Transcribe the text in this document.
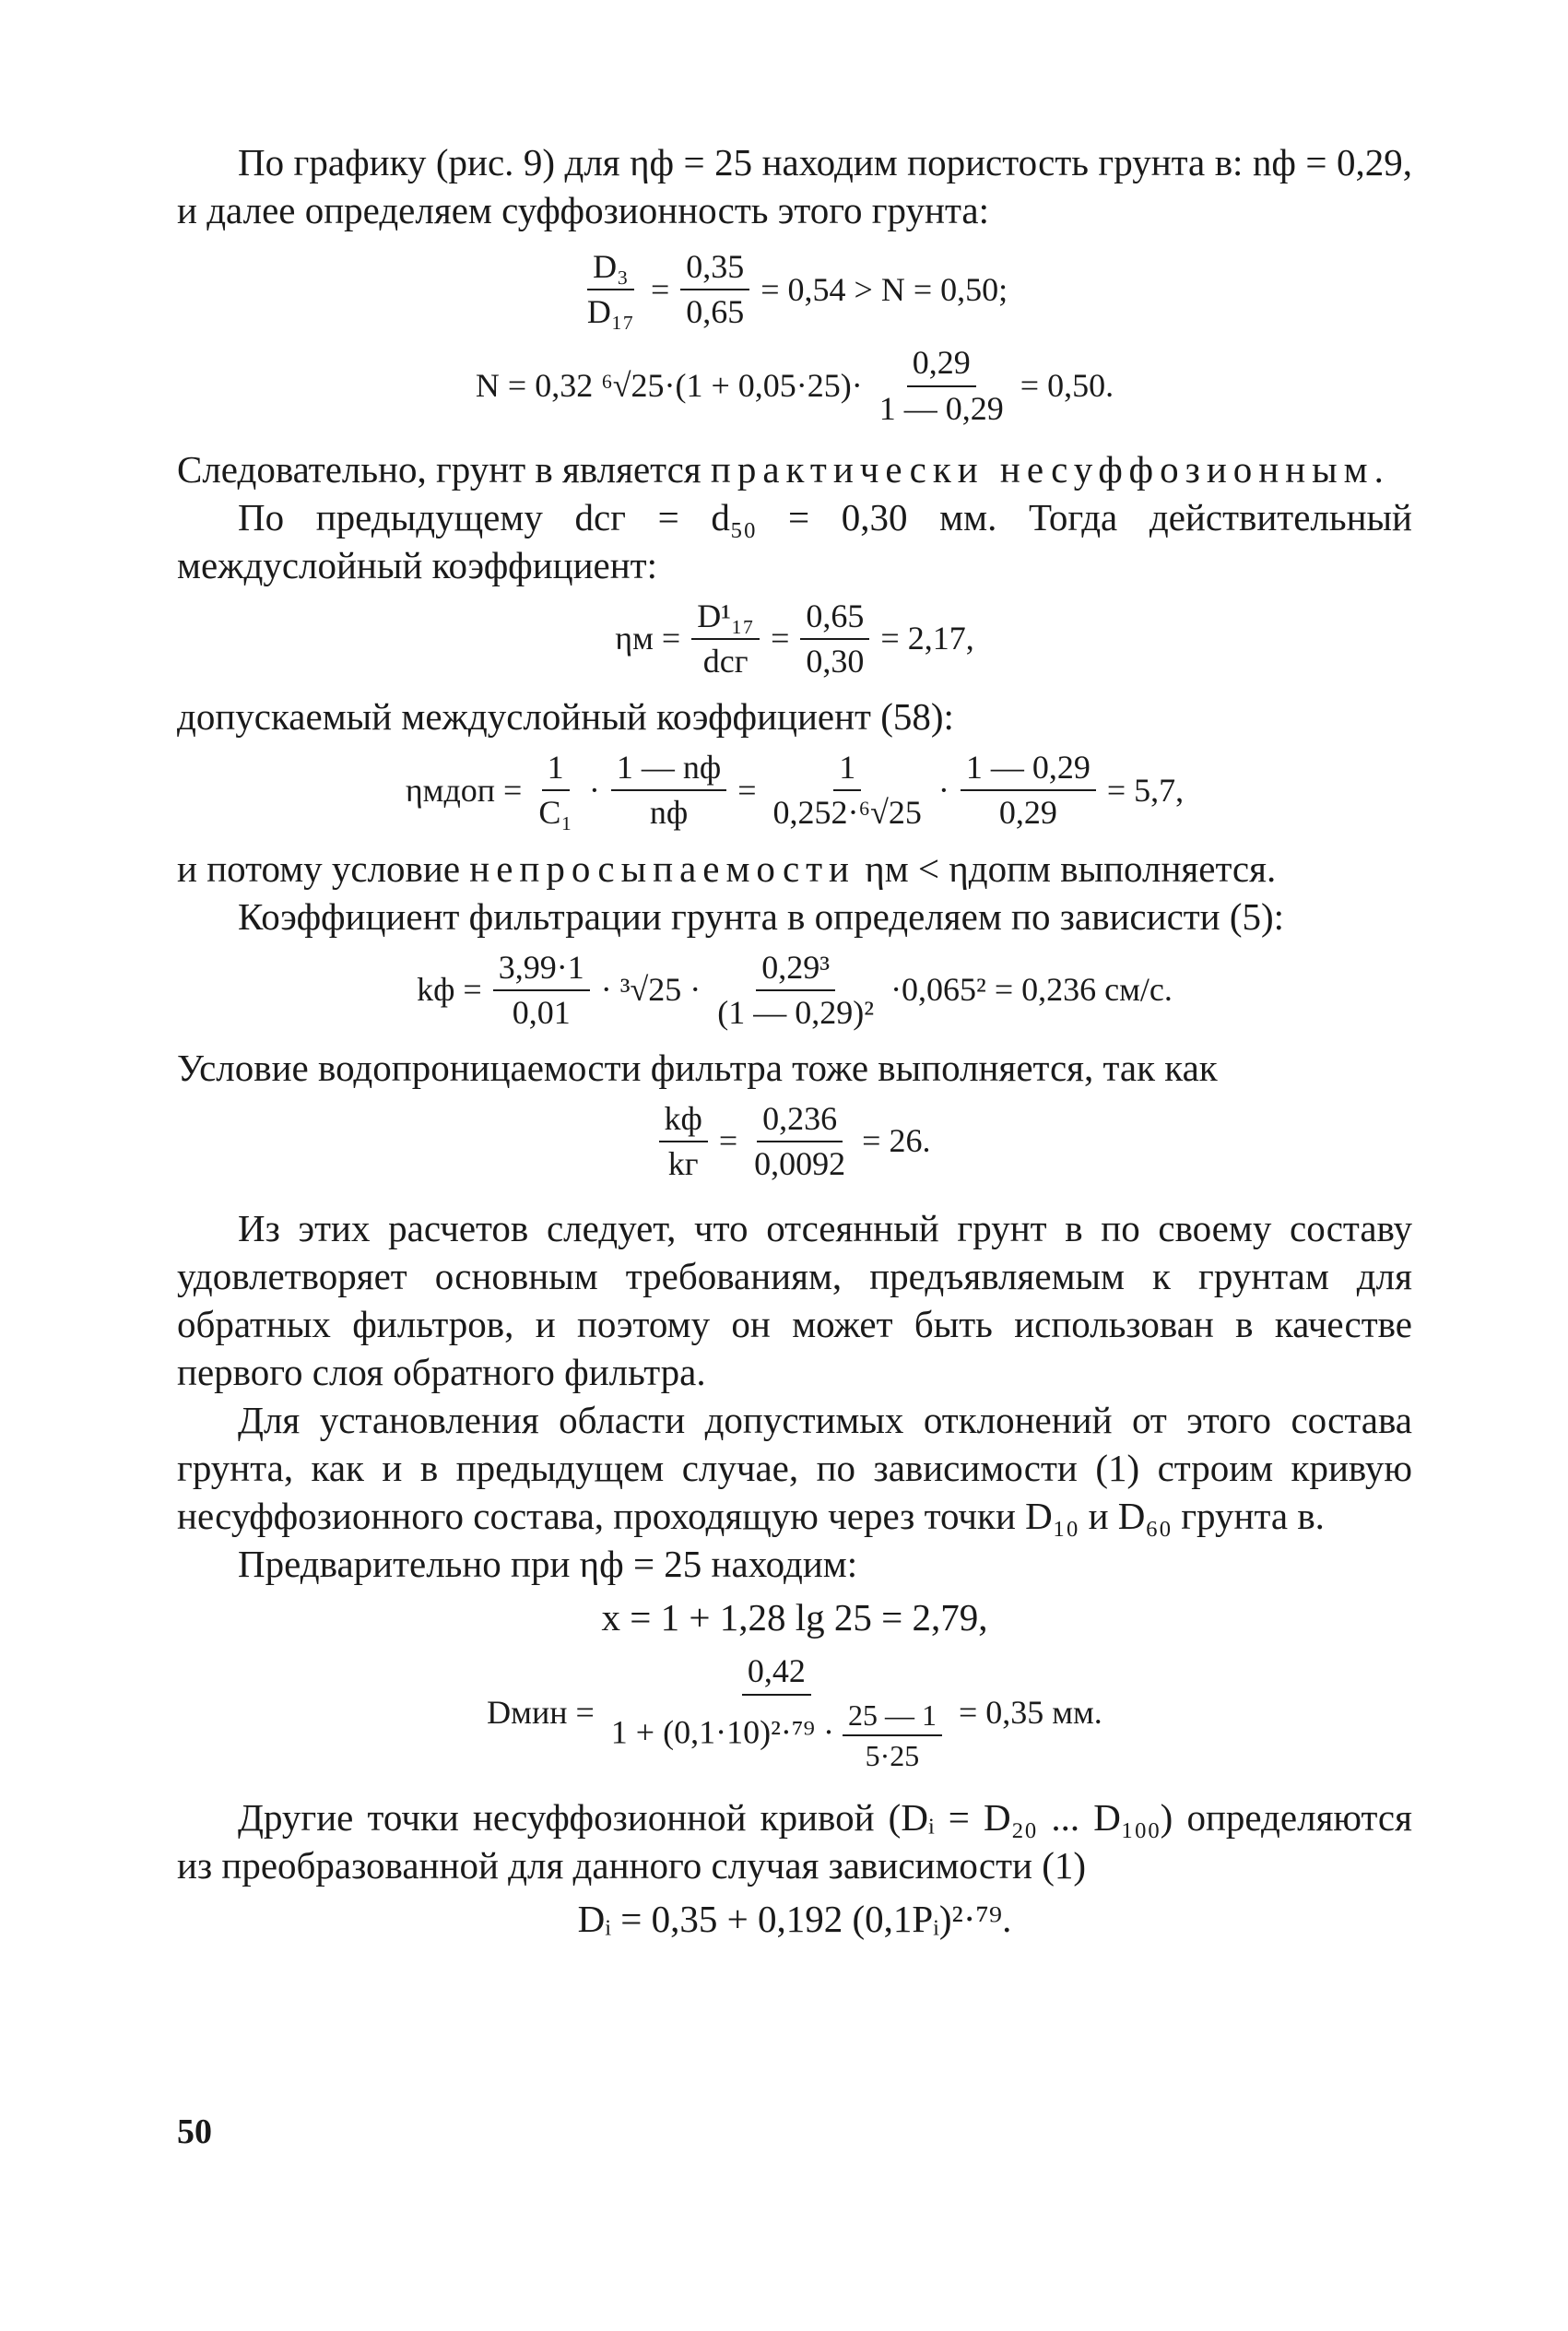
По графику (рис. 9) для ηф = 25 находим пористость грунта в: nф = 0,29, и далее определяем суффозионность этого грунта:

$\frac{\text{D₃}}{\text{D₁₇}} = \frac{0,35}{0,65} = 0,54 > N = 0,50$;
N = 0,32 $^6√25\cdot(1 + 0,05\cdot 25)\cdot \frac{0,29}{1 — 0,29} = 0,50$.

Следовательно, грунт в является практически несуффозионным.

По предыдущему dсг = d₅₀ = 0,30 мм. Тогда действительный междуслойный коэффициент:

$\eta м = \frac{\text{D¹₁₇}}{\text{dсг}} = \frac{0,65}{0,30} = 2,17$,

допускаемый междуслойный коэффициент (58):

ηмдоп = $\frac{1}{\text{C₁}} \cdot \frac{1 — nф}{nф} = \frac{1}{\text{0,252·⁶√25}} \cdot \frac{1 — 0,29}{0,29} = 5,7$,

и потому условие непросыпаемости ηм < ηдопм выполняется.

Коэффициент фильтрации грунта в определяем по зависисти (5):

kф = $\frac{3,99\cdot 1}{0,01} \cdot ^3√25 \cdot \frac{\text{0,29³}}{\text{(1 — 0,29)²}} \cdot 0,065^2 = 0,236$ см/с.

Условие водопроницаемости фильтра тоже выполняется, так как

$\frac{kф}{kг} = \frac{0,236}{0,0092} = 26$.

Из этих расчетов следует, что отсеянный грунт в по своему составу удовлетворяет основным требованиям, предъявляемым к грунтам для обратных фильтров, и поэтому он может быть использован в качестве первого слоя обратного фильтра.

Для установления области допустимых отклонений от этого состава грунта, как и в предыдущем случае, по зависимости (1) строим кривую несуффозионного состава, проходящую через точки D₁₀ и D₆₀ грунта в.

Предварительно при ηф = 25 находим:

x = 1 + 1,28 lg 25 = 2,79,
Dмин = $\frac{0,42}{1 + (0,1\cdot 10)^2\cdot^{79} \cdot \frac{25 — 1}{5\cdot 25}} = 0,35$ мм.

Другие точки несуффозионной кривой (Dᵢ = D₂₀ ... D₁₀₀) определяются из преобразованной для данного случая зависимости (1)

Dᵢ = 0,35 + 0,192 (0,1Pᵢ)²·⁷⁹.
50
